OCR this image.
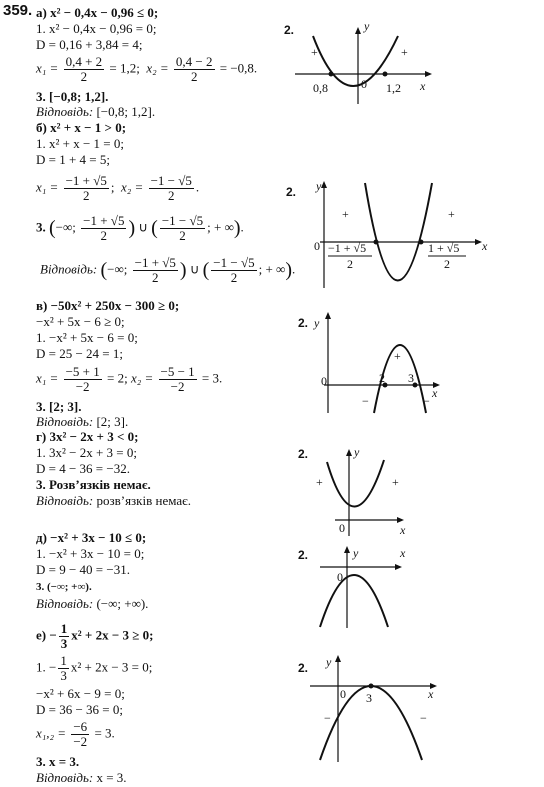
359. а) x² − 0,4x − 0,96 ≤ 0;
1. x² − 0,4x − 0,96 = 0;
D = 0,16 + 3,84 = 4;
$x_1 = \frac{0,4 + 2}{2} = 1,2$; $x_2 = \frac{0,4 - 2}{2} = -0,8$.
3. [−0,8; 1,2].
Відповідь: [−0,8; 1,2].
2.	y
x
0
0,8	1,2
+	+
б) x² + x − 1 > 0;
1. x² + x − 1 = 0;
D = 1 + 4 = 5;
$x_1 = \frac{-1 + √5}{2}$ ; $x_2 = \frac{-1 - √5}{2}$ .
3. (−∞; $\frac{-1 + √5}{2}$ ) ∪ ( $\frac{-1 - √5}{2}$ ; + ∞).
Відповідь: (−∞; $\frac{-1 + √5}{2}$ ) ∪ ( $\frac{-1 - √5}{2}$ ; + ∞).
2. y
x
0
+	+
−1 + √5
2
1 + √5
2
в) −50x² + 250x − 300 ≥ 0;
−x² + 5x − 6 ≥ 0;
1. −x² + 5x − 6 = 0;
D = 25 − 24 = 1;
$x_1 = \frac{-5 + 1}{-2} = 2$; $x_2 = \frac{-5 - 1}{-2} = 3$.
3. [2; 3].
Відповідь: [2; 3].
2. y
x
0	2 3
+
−	−
г) 3x² − 2x + 3 < 0;
1. 3x² − 2x + 3 = 0;
D = 4 − 36 = −32.
3. Розв’язків немає.
Відповідь: розв’язків немає.
2.	y
x
0
+	+
д) −x² + 3x − 10 ≤ 0;
1. −x² + 3x − 10 = 0;
D = 9 − 40 = −31.
3. (−∞; +∞).
Відповідь: (−∞; +∞).
2.	y	x
0
$е) - \frac{1}{3} x^2 + 2x - 3 \ge 0$;
1. − $\frac{1}{3} x^2 + 2x - 3 = 0$;
−x² + 6x − 9 = 0;
D = 36 − 36 = 0;
$x_1,_2 = \frac{-6}{-2} = 3$.
3. x = 3.
Відповідь: x = 3.
2. y
x
0 3
−	−
